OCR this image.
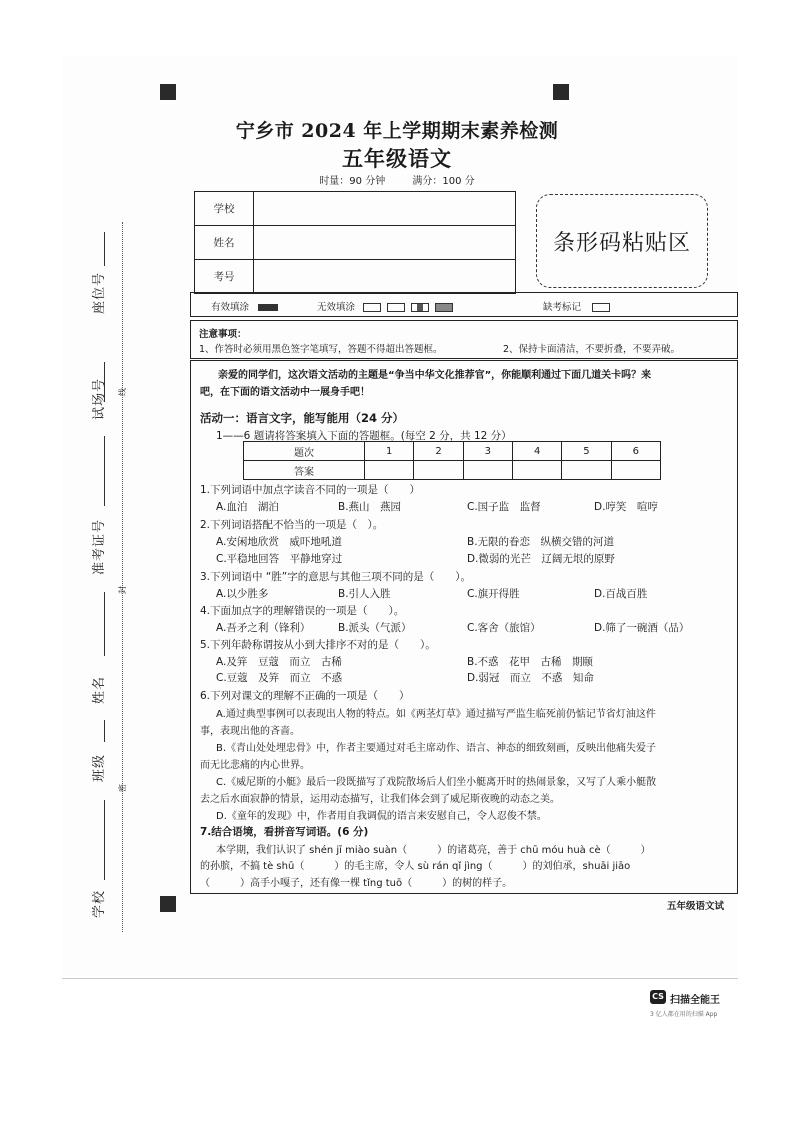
宁乡市 2024 年上学期期末素养检测
五年级语文
时量：90 分钟	满分：100 分
学校	
姓名	
考号	
条形码粘贴区
有效填涂	无效填涂	缺考标记
注意事项：
1、作答时必须用黑色签字笔填写，答题不得超出答题框。	2、保持卡面清洁，不要折叠，不要弄破。
亲爱的同学们，这次语文活动的主题是“争当中华文化推荐官”，你能顺利通过下面几道关卡吗？来
吧，在下面的语文活动中一展身手吧！
活动一：语言文字，能写能用（24 分）
1——6 题请将答案填入下面的答题框。(每空 2 分，共 12 分）
题次	1	2	3	4	5	6
答案						
1.下列词语中加点字读音不同的一项是（　　）
A.血泊　湖泊	B.燕山　燕园	C.国子监　监督	D.哼笑　喧哼
2.下列词语搭配不恰当的一项是（　）。
A.安闲地欣赏　威吓地吼道	B.无限的眷恋　纵横交错的河道
C.平稳地回答　平静地穿过	D.微弱的光芒　辽阔无垠的原野
3.下列词语中 “胜”字的意思与其他三项不同的是（　　）。
A.以少胜多	B.引人入胜	C.旗开得胜	D.百战百胜
4.下面加点字的理解错误的一项是（　　）。
A.吾矛之利（锋利）	B.派头（气派）	C.客舍（旅馆）	D.筛了一碗酒（品）
5.下列年龄称谓按从小到大排序不对的是（　　）。
A.及笄　豆蔻　而立　古稀	B.不惑　花甲　古稀　期颐
C.豆蔻　及笄　而立　不惑	D.弱冠　而立　不惑　知命
6.下列对课文的理解不正确的一项是（　　）
A.通过典型事例可以表现出人物的特点。如《两茎灯草》通过描写严监生临死前仍惦记节省灯油这件
事，表现出他的吝啬。
B.《青山处处埋忠骨》中，作者主要通过对毛主席动作、语言、神态的细致刻画，反映出他痛失爱子
而无比悲痛的内心世界。
C.《威尼斯的小艇》最后一段既描写了戏院散场后人们坐小艇离开时的热闹景象，又写了人乘小艇散
去之后水面寂静的情景，运用动态描写，让我们体会到了威尼斯夜晚的动态之美。
D.《童年的发现》中，作者用自我调侃的语言来安慰自己，令人忍俊不禁。
7.结合语境，看拼音写词语。(6 分)
本学期，我们认识了 shén jī miào suàn（　　　）的诸葛亮，善于 chū móu huà cè（　　　）
的孙膑，不搞 tè shū（　　　）的毛主席，令人 sù rán qǐ jìng（　　　）的刘伯承，shuāi jiāo
（　　　）高手小嘎子，还有像一棵 tǐng tuō（　　　）的树的样子。
五年级语文试
座位号
试场号
准考证号
姓名
班级
学校
线
封
密
CS 扫描全能王
3 亿人都在用的扫描 App
